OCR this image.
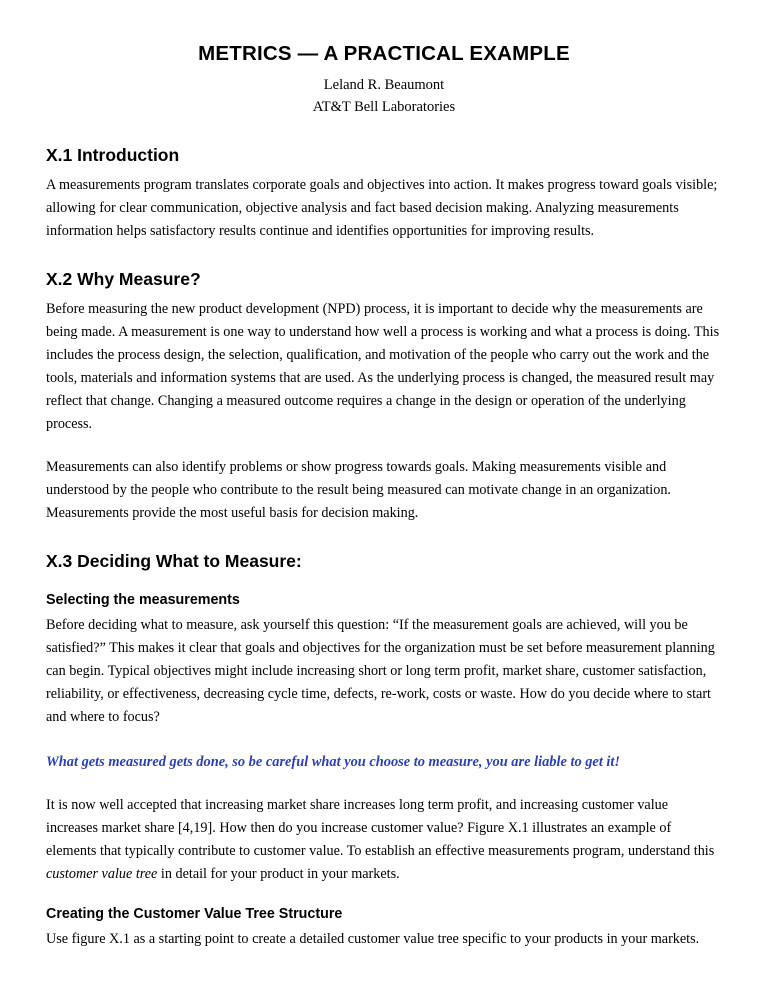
METRICS — A PRACTICAL EXAMPLE

Leland R. Beaumont

AT&T Bell Laboratories

X.1 Introduction

A measurements program translates corporate goals and objectives into action. It makes progress toward goals visible; allowing for clear communication, objective analysis and fact based decision making. Analyzing measurements information helps satisfactory results continue and identifies opportunities for improving results.

X.2 Why Measure?

Before measuring the new product development (NPD) process, it is important to decide why the measurements are being made. A measurement is one way to understand how well a process is working and what a process is doing. This includes the process design, the selection, qualification, and motivation of the people who carry out the work and the tools, materials and information systems that are used. As the underlying process is changed, the measured result may reflect that change. Changing a measured outcome requires a change in the design or operation of the underlying process.

Measurements can also identify problems or show progress towards goals. Making measurements visible and understood by the people who contribute to the result being measured can motivate change in an organization. Measurements provide the most useful basis for decision making.

X.3 Deciding What to Measure:
Selecting the measurements

Before deciding what to measure, ask yourself this question: “If the measurement goals are achieved, will you be satisfied?” This makes it clear that goals and objectives for the organization must be set before measurement planning can begin. Typical objectives might include increasing short or long term profit, market share, customer satisfaction, reliability, or effectiveness, decreasing cycle time, defects, re-work, costs or waste. How do you decide where to start and where to focus?

What gets measured gets done, so be careful what you choose to measure, you are liable to get it!

It is now well accepted that increasing market share increases long term profit, and increasing customer value increases market share [4,19]. How then do you increase customer value? Figure X.1 illustrates an example of elements that typically contribute to customer value. To establish an effective measurements program, understand this customer value tree in detail for your product in your markets.

Creating the Customer Value Tree Structure

Use figure X.1 as a starting point to create a detailed customer value tree specific to your products in your markets.
